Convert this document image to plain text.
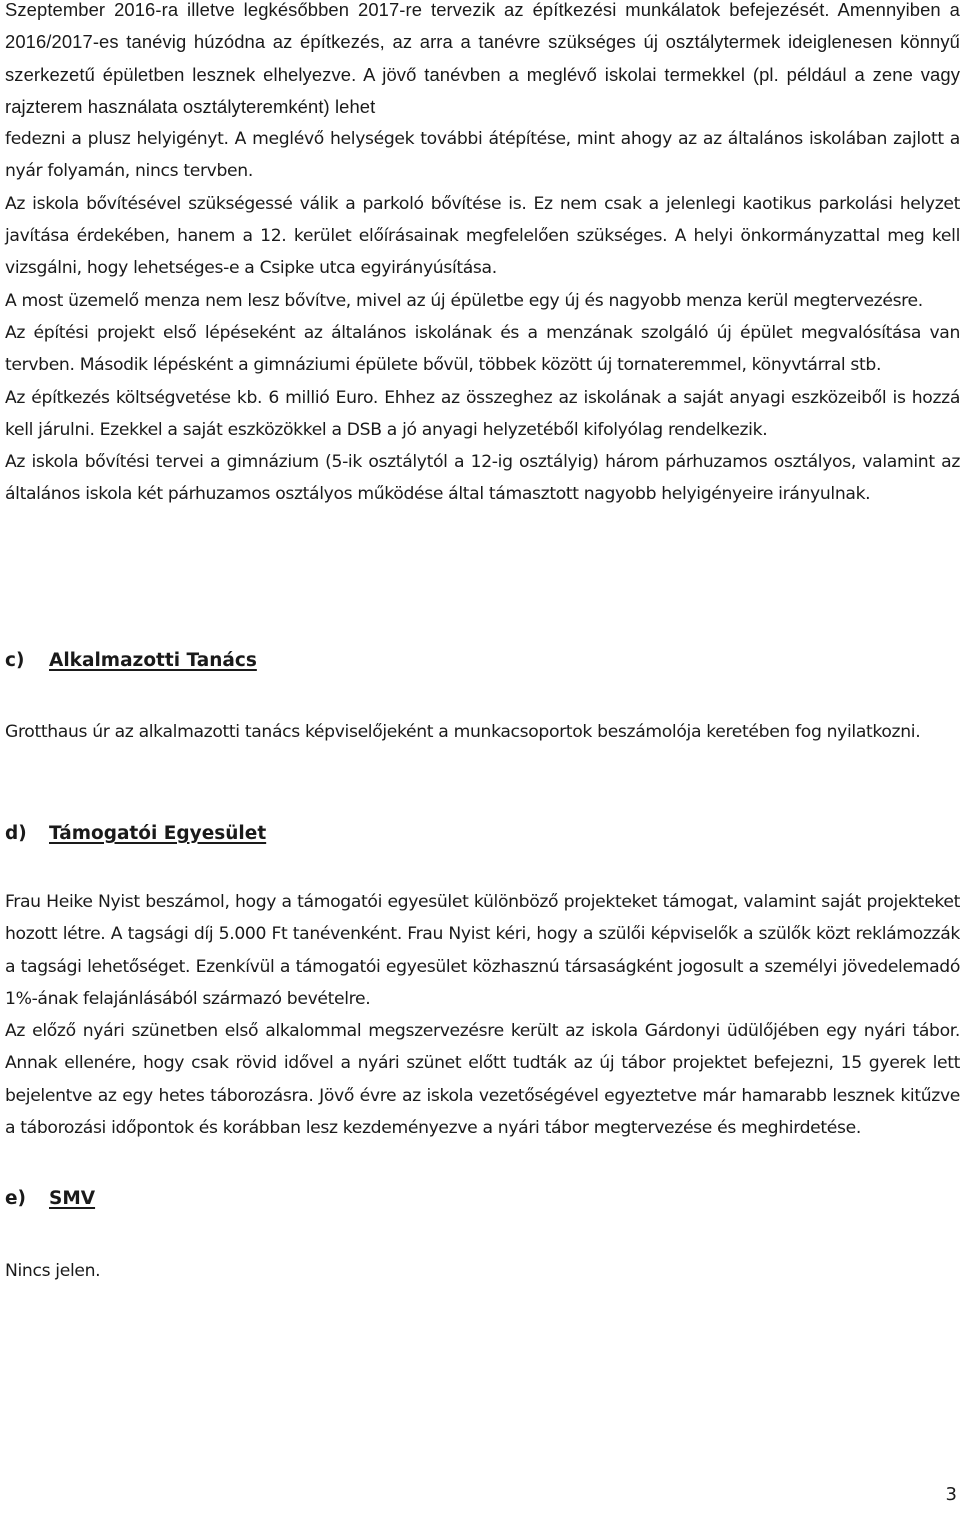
Szeptember 2016-ra illetve legkésőbben 2017-re tervezik az építkezési munkálatok befejezését. Amennyiben a 2016/2017-es tanévig húzódna az építkezés, az arra a tanévre szükséges új osztálytermek ideiglenesen könnyű szerkezetű épületben lesznek elhelyezve. A jövő tanévben a meglévő iskolai termekkel (pl. például a zene vagy rajzterem használata osztályteremként) lehet

fedezni a plusz helyigényt. A meglévő helységek további átépítése, mint ahogy az az általános iskolában zajlott a nyár folyamán, nincs tervben.

Az iskola bővítésével szükségessé válik a parkoló bővítése is. Ez nem csak a jelenlegi kaotikus parkolási helyzet javítása érdekében, hanem a 12. kerület előírásainak megfelelően szükséges. A helyi önkormányzattal meg kell vizsgálni, hogy lehetséges-e a Csipke utca egyirányúsítása.

A most üzemelő menza nem lesz bővítve, mivel az új épületbe egy új és nagyobb menza kerül megtervezésre.

Az építési projekt első lépéseként az általános iskolának és a menzának szolgáló új épület megvalósítása van tervben. Második lépésként a gimnáziumi épülete bővül, többek között új tornateremmel, könyvtárral stb.

Az építkezés költségvetése kb. 6 millió Euro. Ehhez az összeghez az iskolának a saját anyagi eszközeiből is hozzá kell járulni. Ezekkel a saját eszközökkel a DSB a jó anyagi helyzetéből kifolyólag rendelkezik.

Az iskola bővítési tervei a gimnázium (5-ik osztálytól a 12-ig osztályig) három párhuzamos osztályos, valamint az általános iskola két párhuzamos osztályos működése által támasztott nagyobb helyigényeire irányulnak.

c) Alkalmazotti Tanács

Grotthaus úr az alkalmazotti tanács képviselőjeként a munkacsoportok beszámolója keretében fog nyilatkozni.

d) Támogatói Egyesület

Frau Heike Nyist beszámol, hogy a támogatói egyesület különböző projekteket támogat, valamint saját projekteket hozott létre. A tagsági díj 5.000 Ft tanévenként. Frau Nyist kéri, hogy a szülői képviselők a szülők közt reklámozzák a tagsági lehetőséget. Ezenkívül a támogatói egyesület közhasznú társaságként jogosult a személyi jövedelemadó 1%-ának felajánlásából származó bevételre.

Az előző nyári szünetben első alkalommal megszervezésre került az iskola Gárdonyi üdülőjében egy nyári tábor. Annak ellenére, hogy csak rövid idővel a nyári szünet előtt tudták az új tábor projektet befejezni, 15 gyerek lett bejelentve az egy hetes táborozásra. Jövő évre az iskola vezetőségével egyeztetve már hamarabb lesznek kitűzve a táborozási időpontok és korábban lesz kezdeményezve a nyári tábor megtervezése és meghirdetése.

e) SMV

Nincs jelen.

3
